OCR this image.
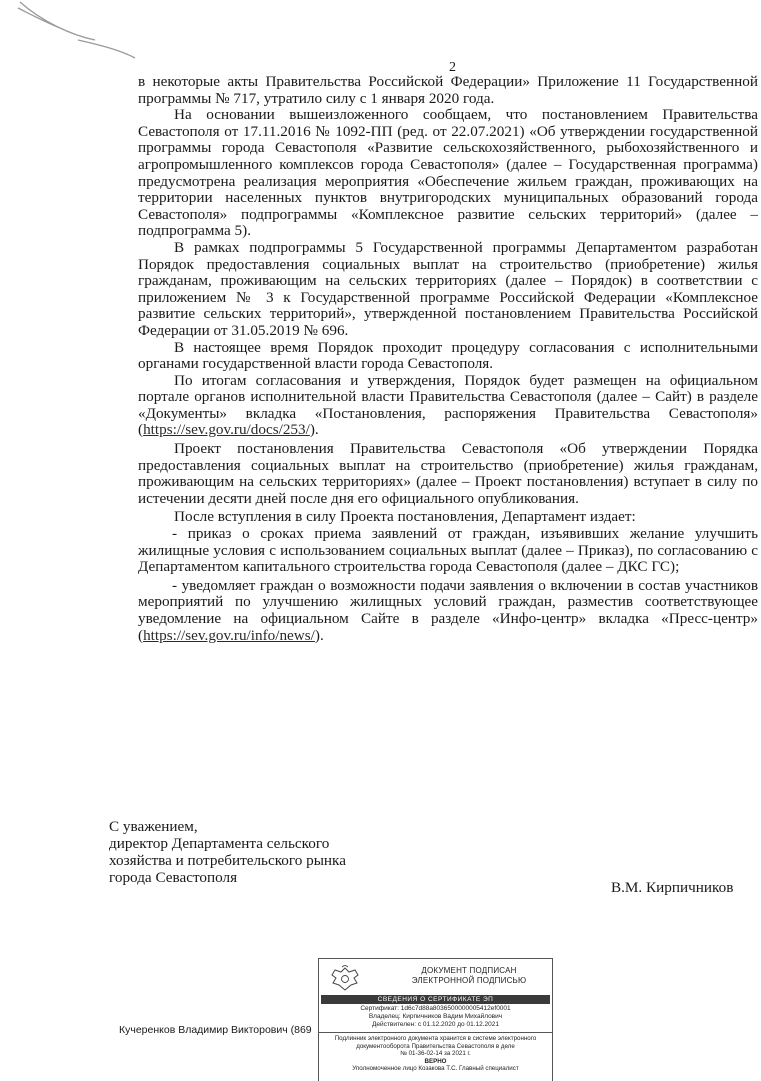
2

в некоторые акты Правительства Российской Федерации» Приложение 11 Государственной программы № 717, утратило силу с 1 января 2020 года.

На основании вышеизложенного сообщаем, что постановлением Правительства Севастополя от 17.11.2016 № 1092-ПП (ред. от 22.07.2021) «Об утверждении государственной программы города Севастополя «Развитие сельскохозяйственного, рыбохозяйственного и агропромышленного комплексов города Севастополя» (далее – Государственная программа) предусмотрена реализация мероприятия «Обеспечение жильем граждан, проживающих на территории населенных пунктов внутригородских муниципальных образований города Севастополя» подпрограммы «Комплексное развитие сельских территорий» (далее – подпрограмма 5).

В рамках подпрограммы 5 Государственной программы Департаментом разработан Порядок предоставления социальных выплат на строительство (приобретение) жилья гражданам, проживающим на сельских территориях (далее – Порядок) в соответствии с приложением № 3 к Государственной программе Российской Федерации «Комплексное развитие сельских территорий», утвержденной постановлением Правительства Российской Федерации от 31.05.2019 № 696.

В настоящее время Порядок проходит процедуру согласования с исполнительными органами государственной власти города Севастополя.

По итогам согласования и утверждения, Порядок будет размещен на официальном портале органов исполнительной власти Правительства Севастополя (далее – Сайт) в разделе «Документы» вкладка «Постановления, распоряжения Правительства Севастополя» (https://sev.gov.ru/docs/253/).

Проект постановления Правительства Севастополя «Об утверждении Порядка предоставления социальных выплат на строительство (приобретение) жилья гражданам, проживающим на сельских территориях» (далее – Проект постановления) вступает в силу по истечении десяти дней после дня его официального опубликования.

После вступления в силу Проекта постановления, Департамент издает:

- приказ о сроках приема заявлений от граждан, изъявивших желание улучшить жилищные условия с использованием социальных выплат (далее – Приказ), по согласованию с Департаментом капитального строительства города Севастополя (далее – ДКС ГС);

- уведомляет граждан о возможности подачи заявления о включении в состав участников мероприятий по улучшению жилищных условий граждан, разместив соответствующее уведомление на официальном Сайте в разделе «Инфо-центр» вкладка «Пресс-центр» (https://sev.gov.ru/info/news/).

С уважением,
директор Департамента сельского
хозяйства и потребительского рынка
города Севастополя
В.М. Кирпичников
Кучеренков Владимир Викторович (869
ДОКУМЕНТ ПОДПИСАН
ЭЛЕКТРОННОЙ ПОДПИСЬЮ
СВЕДЕНИЯ О СЕРТИФИКАТЕ ЭП
Сертификат: 1d6c7d88a8036500000005412ef0001
Владелец: Кирпичников Вадим Михайлович
Действителен: с 01.12.2020 до 01.12.2021
Подлинник электронного документа хранится в системе электронного
документооборота Правительства Севастополя в деле
№ 01-36-02-14 за 2021 г.
ВЕРНО
Уполномоченное лицо Козакова Т.С. Главный специалист
